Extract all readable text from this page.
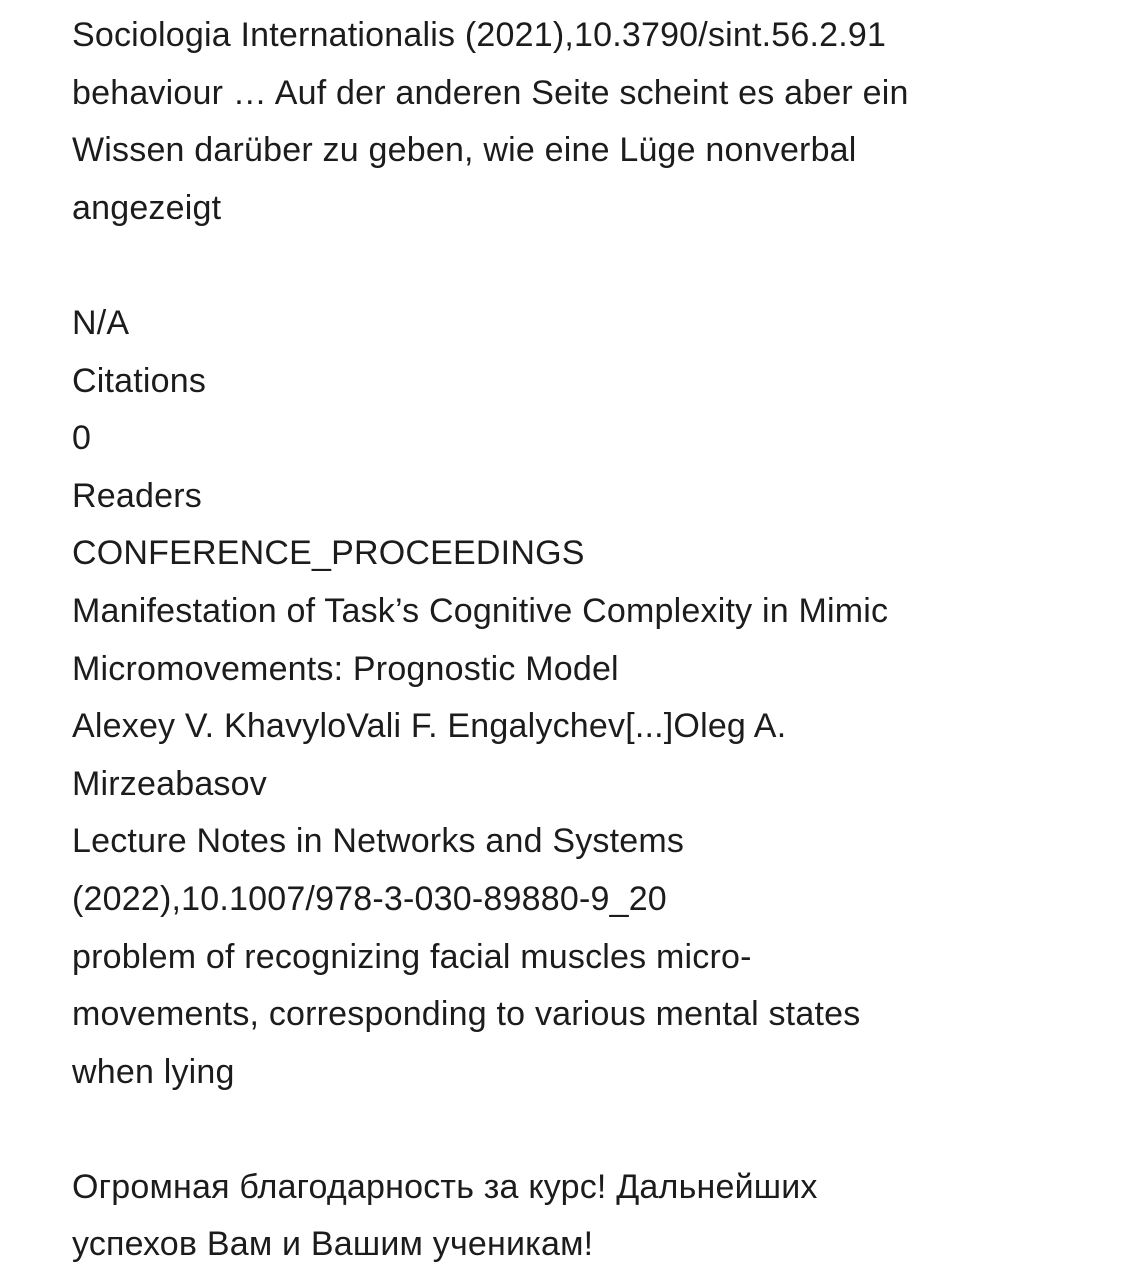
Sociologia Internationalis (2021),10.3790/sint.56.2.91
behaviour … Auf der anderen Seite scheint es aber ein
Wissen darüber zu geben, wie eine Lüge nonverbal
angezeigt
N/A
Citations
0
Readers
CONFERENCE_PROCEEDINGS
Manifestation of Task’s Cognitive Complexity in Mimic
Micromovements: Prognostic Model
Alexey V. KhavyloVali F. Engalychev[...]Oleg A.
Mirzeabasov
Lecture Notes in Networks and Systems
(2022),10.1007/978-3-030-89880-9_20
problem of recognizing facial muscles micro-
movements, corresponding to various mental states
when lying
Огромная благодарность за курс! Дальнейших
успехов Вам и Вашим ученикам!
